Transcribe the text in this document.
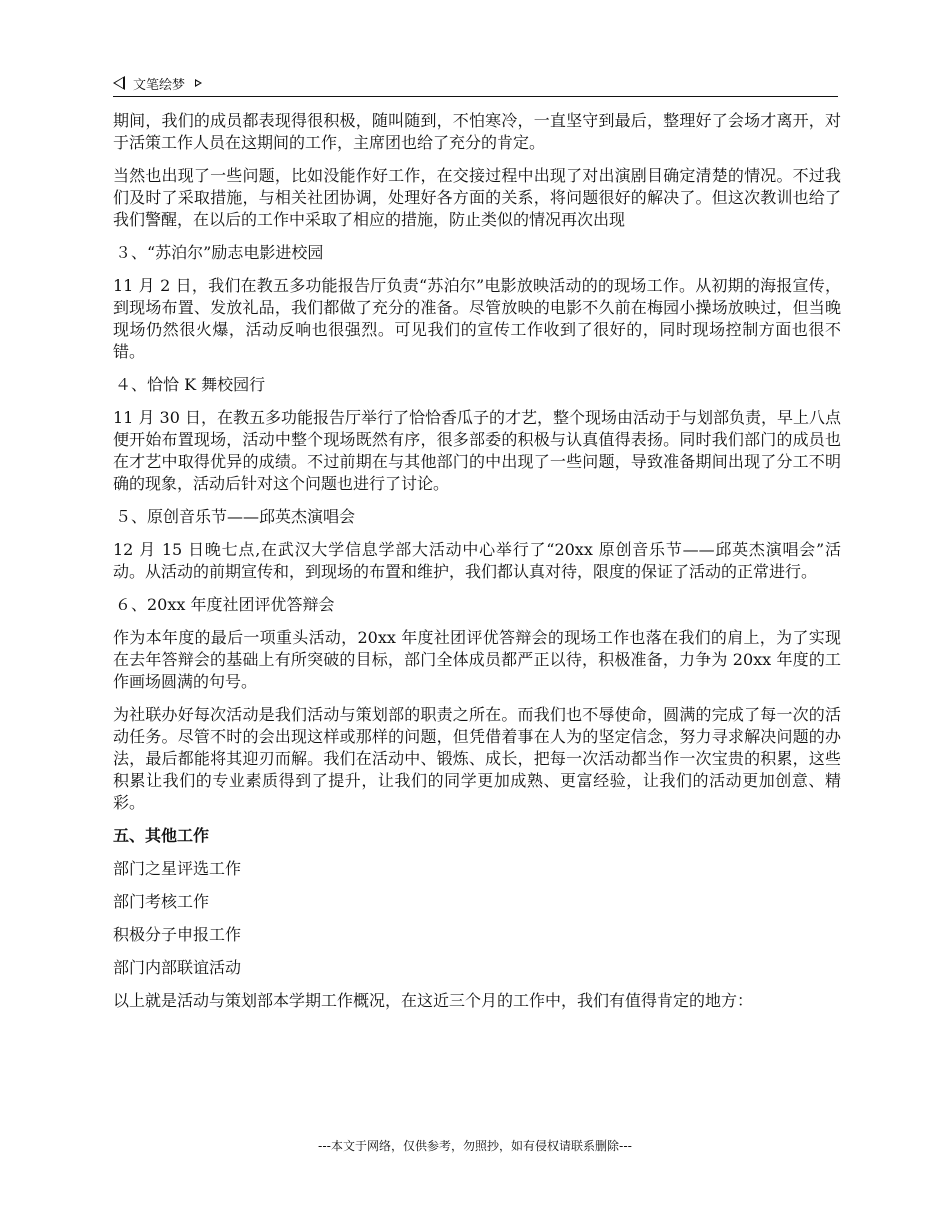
文笔绘梦

期间，我们的成员都表现得很积极，随叫随到，不怕寒冷，一直坚守到最后，整理好了会场才离开，对于活策工作人员在这期间的工作，主席团也给了充分的肯定。

当然也出现了一些问题，比如没能作好工作，在交接过程中出现了对出演剧目确定清楚的情况。不过我们及时了采取措施，与相关社团协调，处理好各方面的关系，将问题很好的解决了。但这次教训也给了我们警醒，在以后的工作中采取了相应的措施，防止类似的情况再次出现

３、“苏泊尔”励志电影进校园

11 月 2 日，我们在教五多功能报告厅负责“苏泊尔”电影放映活动的的现场工作。从初期的海报宣传，到现场布置、发放礼品，我们都做了充分的准备。尽管放映的电影不久前在梅园小操场放映过，但当晚现场仍然很火爆，活动反响也很强烈。可见我们的宣传工作收到了很好的，同时现场控制方面也很不错。

４、恰恰 K 舞校园行

11 月 30 日，在教五多功能报告厅举行了恰恰香瓜子的才艺，整个现场由活动于与划部负责，早上八点便开始布置现场，活动中整个现场既然有序，很多部委的积极与认真值得表扬。同时我们部门的成员也在才艺中取得优异的成绩。不过前期在与其他部门的中出现了一些问题，导致准备期间出现了分工不明确的现象，活动后针对这个问题也进行了讨论。

５、原创音乐节——邱英杰演唱会

12 月 15 日晚七点,在武汉大学信息学部大活动中心举行了“20xx 原创音乐节——邱英杰演唱会”活动。从活动的前期宣传和，到现场的布置和维护，我们都认真对待，限度的保证了活动的正常进行。

６、20xx 年度社团评优答辩会

作为本年度的最后一项重头活动，20xx 年度社团评优答辩会的现场工作也落在我们的肩上，为了实现在去年答辩会的基础上有所突破的目标，部门全体成员都严正以待，积极准备，力争为 20xx 年度的工作画场圆满的句号。

为社联办好每次活动是我们活动与策划部的职责之所在。而我们也不辱使命，圆满的完成了每一次的活动任务。尽管不时的会出现这样或那样的问题，但凭借着事在人为的坚定信念，努力寻求解决问题的办法，最后都能将其迎刃而解。我们在活动中、锻炼、成长，把每一次活动都当作一次宝贵的积累，这些积累让我们的专业素质得到了提升，让我们的同学更加成熟、更富经验，让我们的活动更加创意、精彩。

五、其他工作

部门之星评选工作

部门考核工作

积极分子申报工作

部门内部联谊活动

以上就是活动与策划部本学期工作概况，在这近三个月的工作中，我们有值得肯定的地方：

---本文于网络，仅供参考，勿照抄，如有侵权请联系删除---
